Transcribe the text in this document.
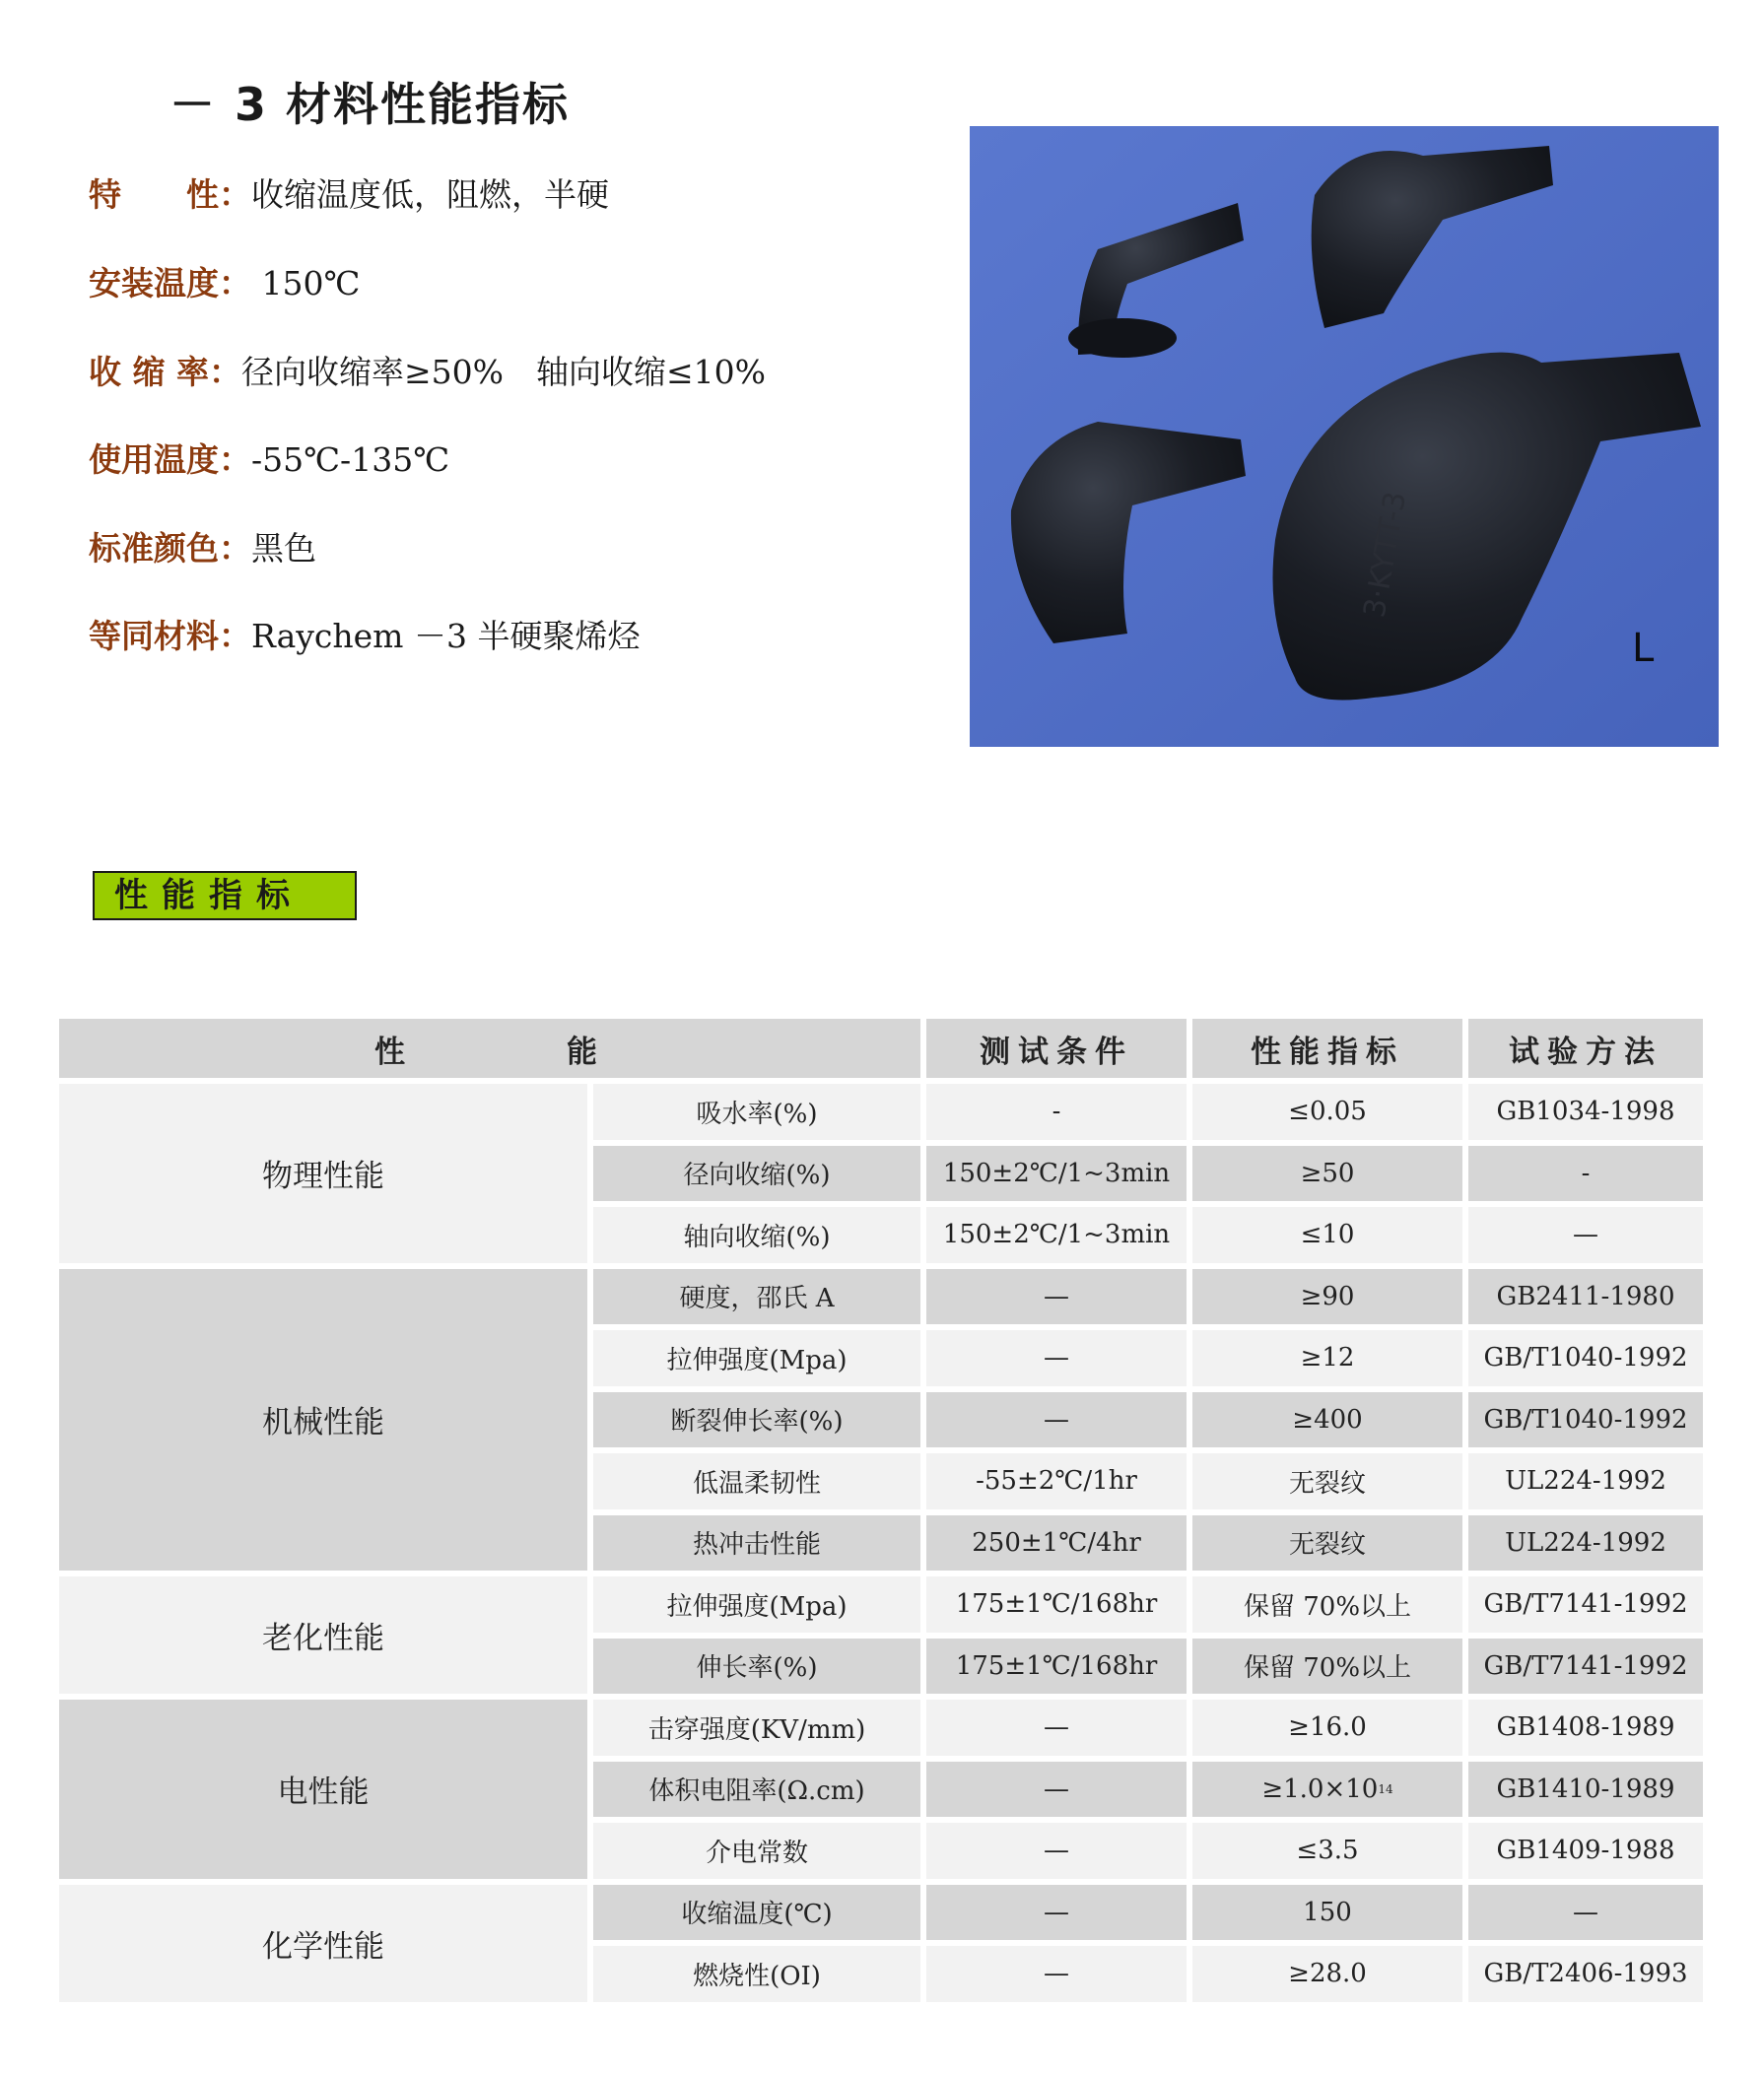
－ 3 材料性能指标
特　　性：收缩温度低，阻燃，半硬
安装温度： 150℃
收 缩 率：径向收缩率≥50%　轴向收缩≤10%
使用温度：-55℃-135℃
标准颜色：黑色
等同材料：Raychem －3 半硬聚烯烃
3·KYTT-3
L
性能指标
性　　　　能	测试条件	性能指标	试验方法
物理性能
吸水率(%)	-	≤0.05	GB1034-1998
径向收缩(%)	150±2℃/1~3min	≥50	-
轴向收缩(%)	150±2℃/1~3min	≤10	—
机械性能
硬度，邵氏 A	—	≥90	GB2411-1980
拉伸强度(Mpa)	—	≥12	GB/T1040-1992
断裂伸长率(%)	—	≥400	GB/T1040-1992
低温柔韧性	-55±2℃/1hr	无裂纹	UL224-1992
热冲击性能	250±1℃/4hr	无裂纹	UL224-1992
老化性能
拉伸强度(Mpa)	175±1℃/168hr	保留 70%以上	GB/T7141-1992
伸长率(%)	175±1℃/168hr	保留 70%以上	GB/T7141-1992
电性能
击穿强度(KV/mm)	—	≥16.0	GB1408-1989
体积电阻率(Ω.cm)	—	≥1.0×10 14	GB1410-1989
介电常数	—	≤3.5	GB1409-1988
化学性能
收缩温度(℃)	—	150	—
燃烧性(OI)	—	≥28.0	GB/T2406-1993
